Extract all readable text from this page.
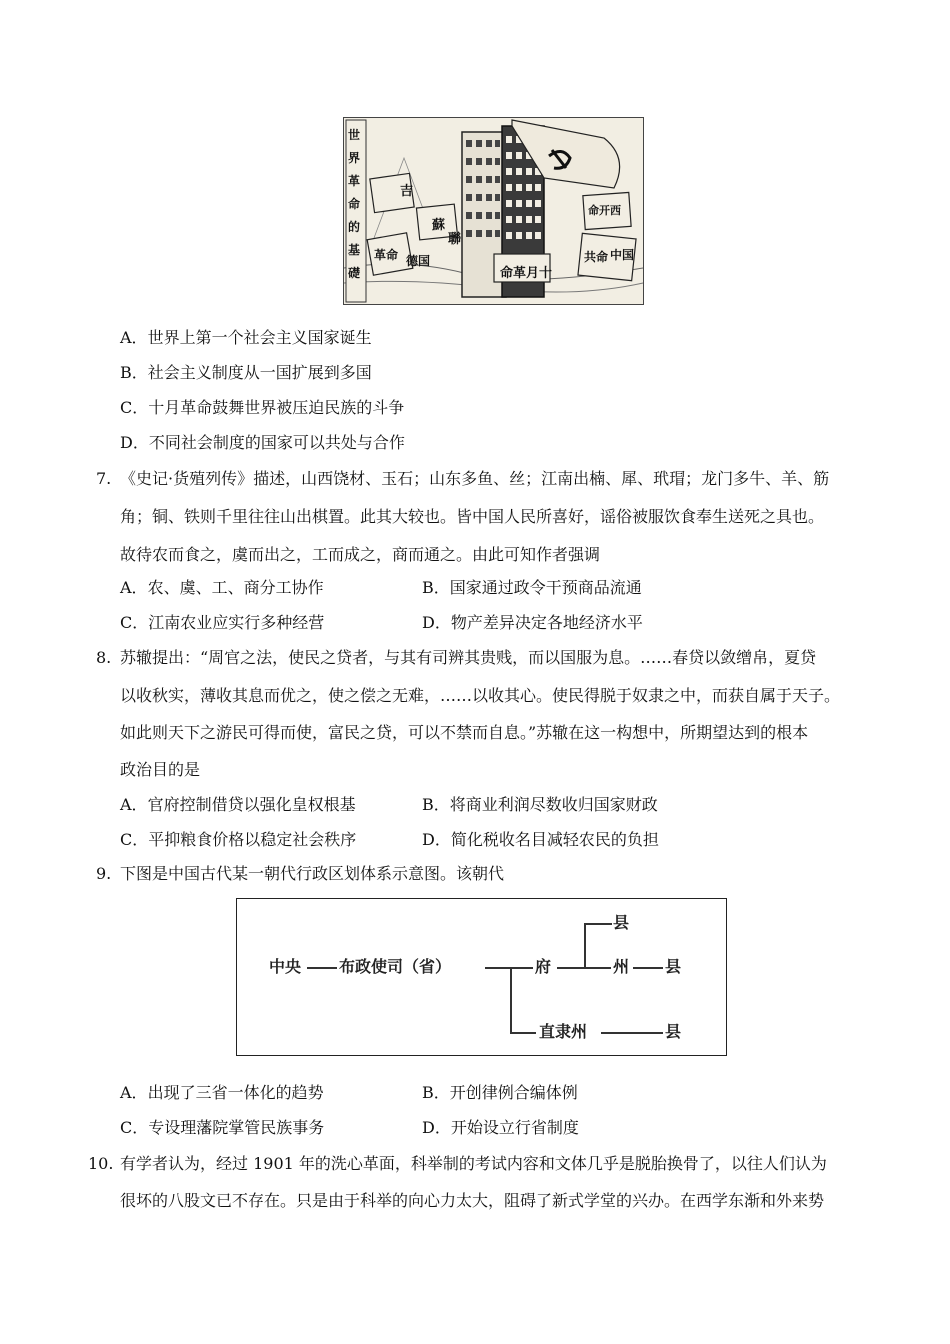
世界革命的基礎
吉
蘇
聯
革命 德国
命革 月十
共命 中国
命开西
A．世界上第一个社会主义国家诞生
B．社会主义制度从一国扩展到多国
C．十月革命鼓舞世界被压迫民族的斗争
D．不同社会制度的国家可以共处与合作
7. 《史记·货殖列传》描述，山西饶材、玉石；山东多鱼、丝；江南出楠、犀、玳瑁；龙门多牛、羊、筋
角；铜、铁则千里往往山出棋置。此其大较也。皆中国人民所喜好，谣俗被服饮食奉生送死之具也。
故待农而食之，虞而出之，工而成之，商而通之。由此可知作者强调
A．农、虞、工、商分工协作	B．国家通过政令干预商品流通
C．江南农业应实行多种经营	D．物产差异决定各地经济水平
8. 苏辙提出：“周官之法，使民之贷者，与其有司辨其贵贱，而以国服为息。……春贷以敛缯帛，夏贷
以收秋实，薄收其息而优之，使之偿之无难，……以收其心。使民得脱于奴隶之中，而获自属于天子。
如此则天下之游民可得而使，富民之贷，可以不禁而自息。”苏辙在这一构想中，所期望达到的根本
政治目的是
A．官府控制借贷以强化皇权根基	B．将商业利润尽数收归国家财政
C．平抑粮食价格以稳定社会秩序	D．简化税收名目减轻农民的负担
9. 下图是中国古代某一朝代行政区划体系示意图。该朝代
中央 布政使司（省）	府
县
州 县
直隶州	县
A．出现了三省一体化的趋势	B．开创律例合编体例
C．专设理藩院掌管民族事务	D．开始设立行省制度
10. 有学者认为，经过 1901 年的洗心革面，科举制的考试内容和文体几乎是脱胎换骨了，以往人们认为
很坏的八股文已不存在。只是由于科举的向心力太大，阻碍了新式学堂的兴办。在西学东渐和外来势
